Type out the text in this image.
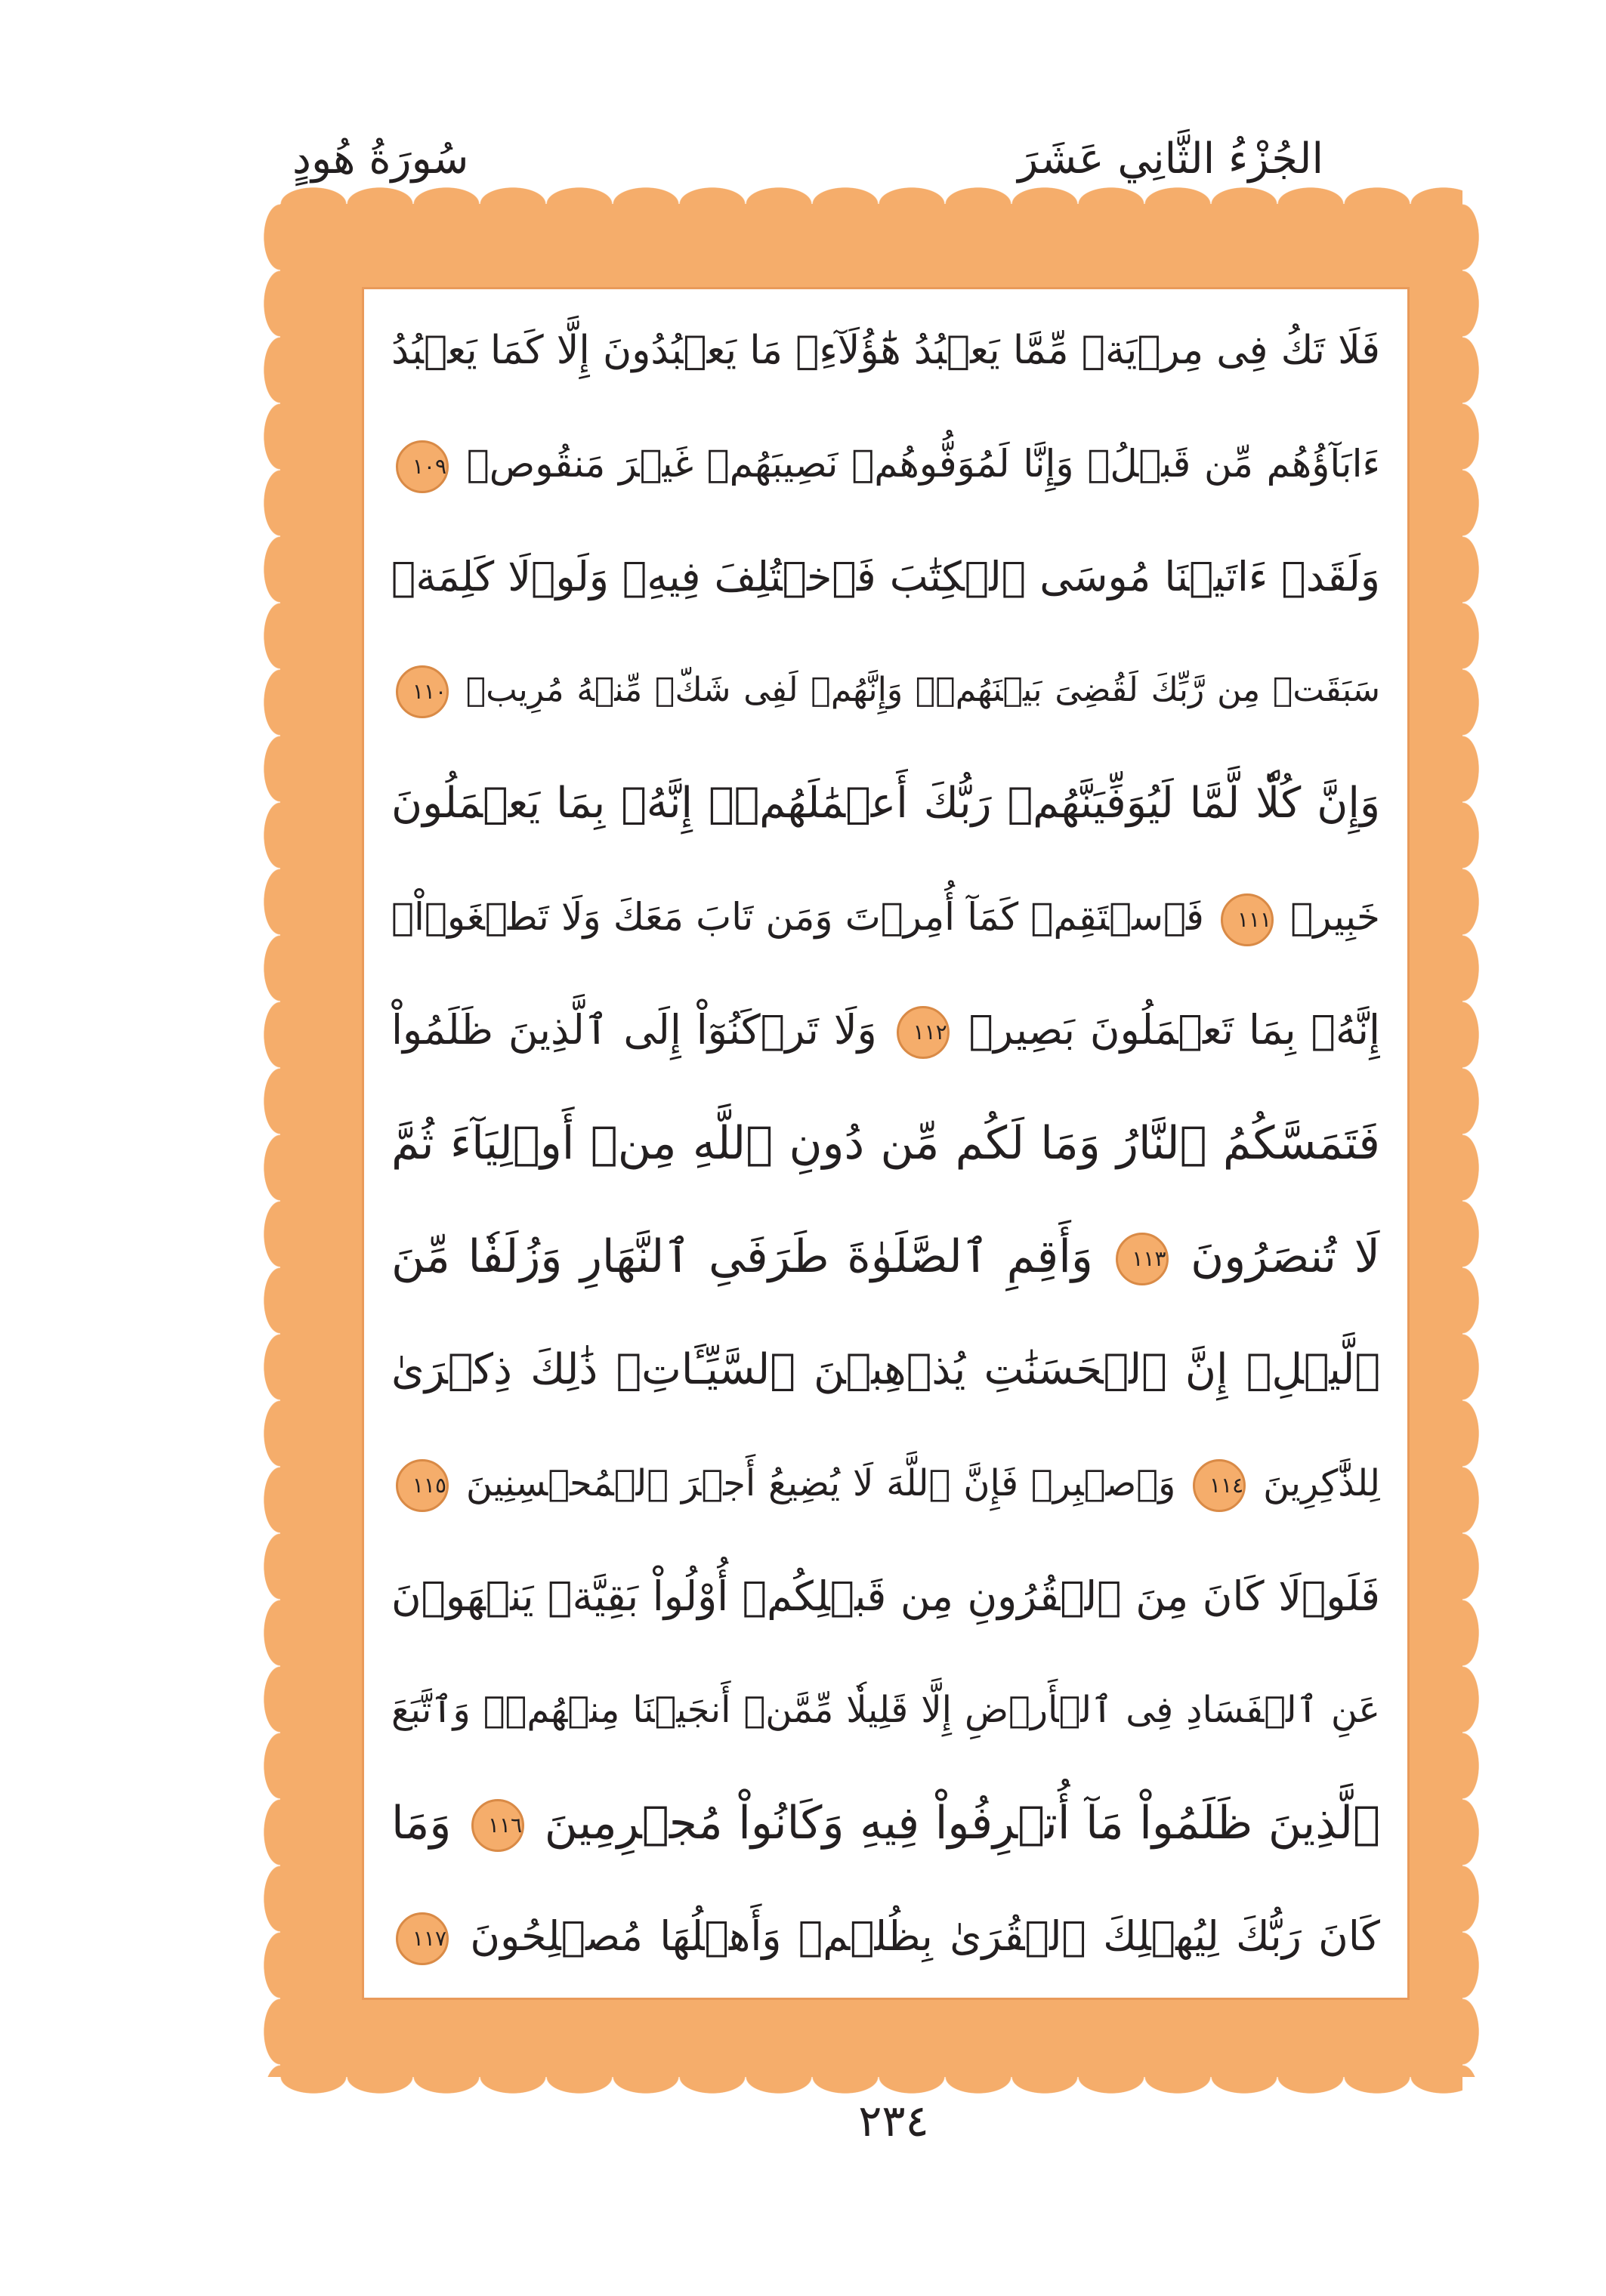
سُورَةُ هُودٍ	الجُزْءُ الثَّانِي عَشَرَ
فَلَا تَكُ فِى مِرۡيَةٖ مِّمَّا يَعۡبُدُ هَٰٓؤُلَآءِۚ مَا يَعۡبُدُونَ إِلَّا كَمَا يَعۡبُدُ
ءَابَآؤُهُم مِّن قَبۡلُۚ وَإِنَّا لَمُوَفُّوهُمۡ نَصِيبَهُمۡ غَيۡرَ مَنقُوصٖ ١٠٩
وَلَقَدۡ ءَاتَيۡنَا مُوسَى ٱلۡكِتَٰبَ فَٱخۡتُلِفَ فِيهِۚ وَلَوۡلَا كَلِمَةٞ
سَبَقَتۡ مِن رَّبِّكَ لَقُضِىَ بَيۡنَهُمۡۚ وَإِنَّهُمۡ لَفِى شَكّٖ مِّنۡهُ مُرِيبٖ ١١٠
وَإِنَّ كُلّٗا لَّمَّا لَيُوَفِّيَنَّهُمۡ رَبُّكَ أَعۡمَٰلَهُمۡۚ إِنَّهُۥ بِمَا يَعۡمَلُونَ
خَبِيرٞ ١١١ فَٱسۡتَقِمۡ كَمَآ أُمِرۡتَ وَمَن تَابَ مَعَكَ وَلَا تَطۡغَوۡاْۚ
إِنَّهُۥ بِمَا تَعۡمَلُونَ بَصِيرٞ ١١٢ وَلَا تَرۡكَنُوٓاْ إِلَى ٱلَّذِينَ ظَلَمُواْ
فَتَمَسَّكُمُ ٱلنَّارُ وَمَا لَكُم مِّن دُونِ ٱللَّهِ مِنۡ أَوۡلِيَآءَ ثُمَّ
لَا تُنصَرُونَ ١١٣ وَأَقِمِ ٱلصَّلَوٰةَ طَرَفَىِ ٱلنَّهَارِ وَزُلَفٗا مِّنَ
ٱلَّيۡلِۚ إِنَّ ٱلۡحَسَنَٰتِ يُذۡهِبۡنَ ٱلسَّيِّـَٔاتِۚ ذَٰلِكَ ذِكۡرَىٰ
لِلذَّٰكِرِينَ ١١٤ وَٱصۡبِرۡ فَإِنَّ ٱللَّهَ لَا يُضِيعُ أَجۡرَ ٱلۡمُحۡسِنِينَ ١١٥
فَلَوۡلَا كَانَ مِنَ ٱلۡقُرُونِ مِن قَبۡلِكُمۡ أُوْلُواْ بَقِيَّةٖ يَنۡهَوۡنَ
عَنِ ٱلۡفَسَادِ فِى ٱلۡأَرۡضِ إِلَّا قَلِيلٗا مِّمَّنۡ أَنجَيۡنَا مِنۡهُمۡۗ وَٱتَّبَعَ
ٱلَّذِينَ ظَلَمُواْ مَآ أُتۡرِفُواْ فِيهِ وَكَانُواْ مُجۡرِمِينَ ١١٦ وَمَا
كَانَ رَبُّكَ لِيُهۡلِكَ ٱلۡقُرَىٰ بِظُلۡمٖ وَأَهۡلُهَا مُصۡلِحُونَ ١١٧
٢٣٤
